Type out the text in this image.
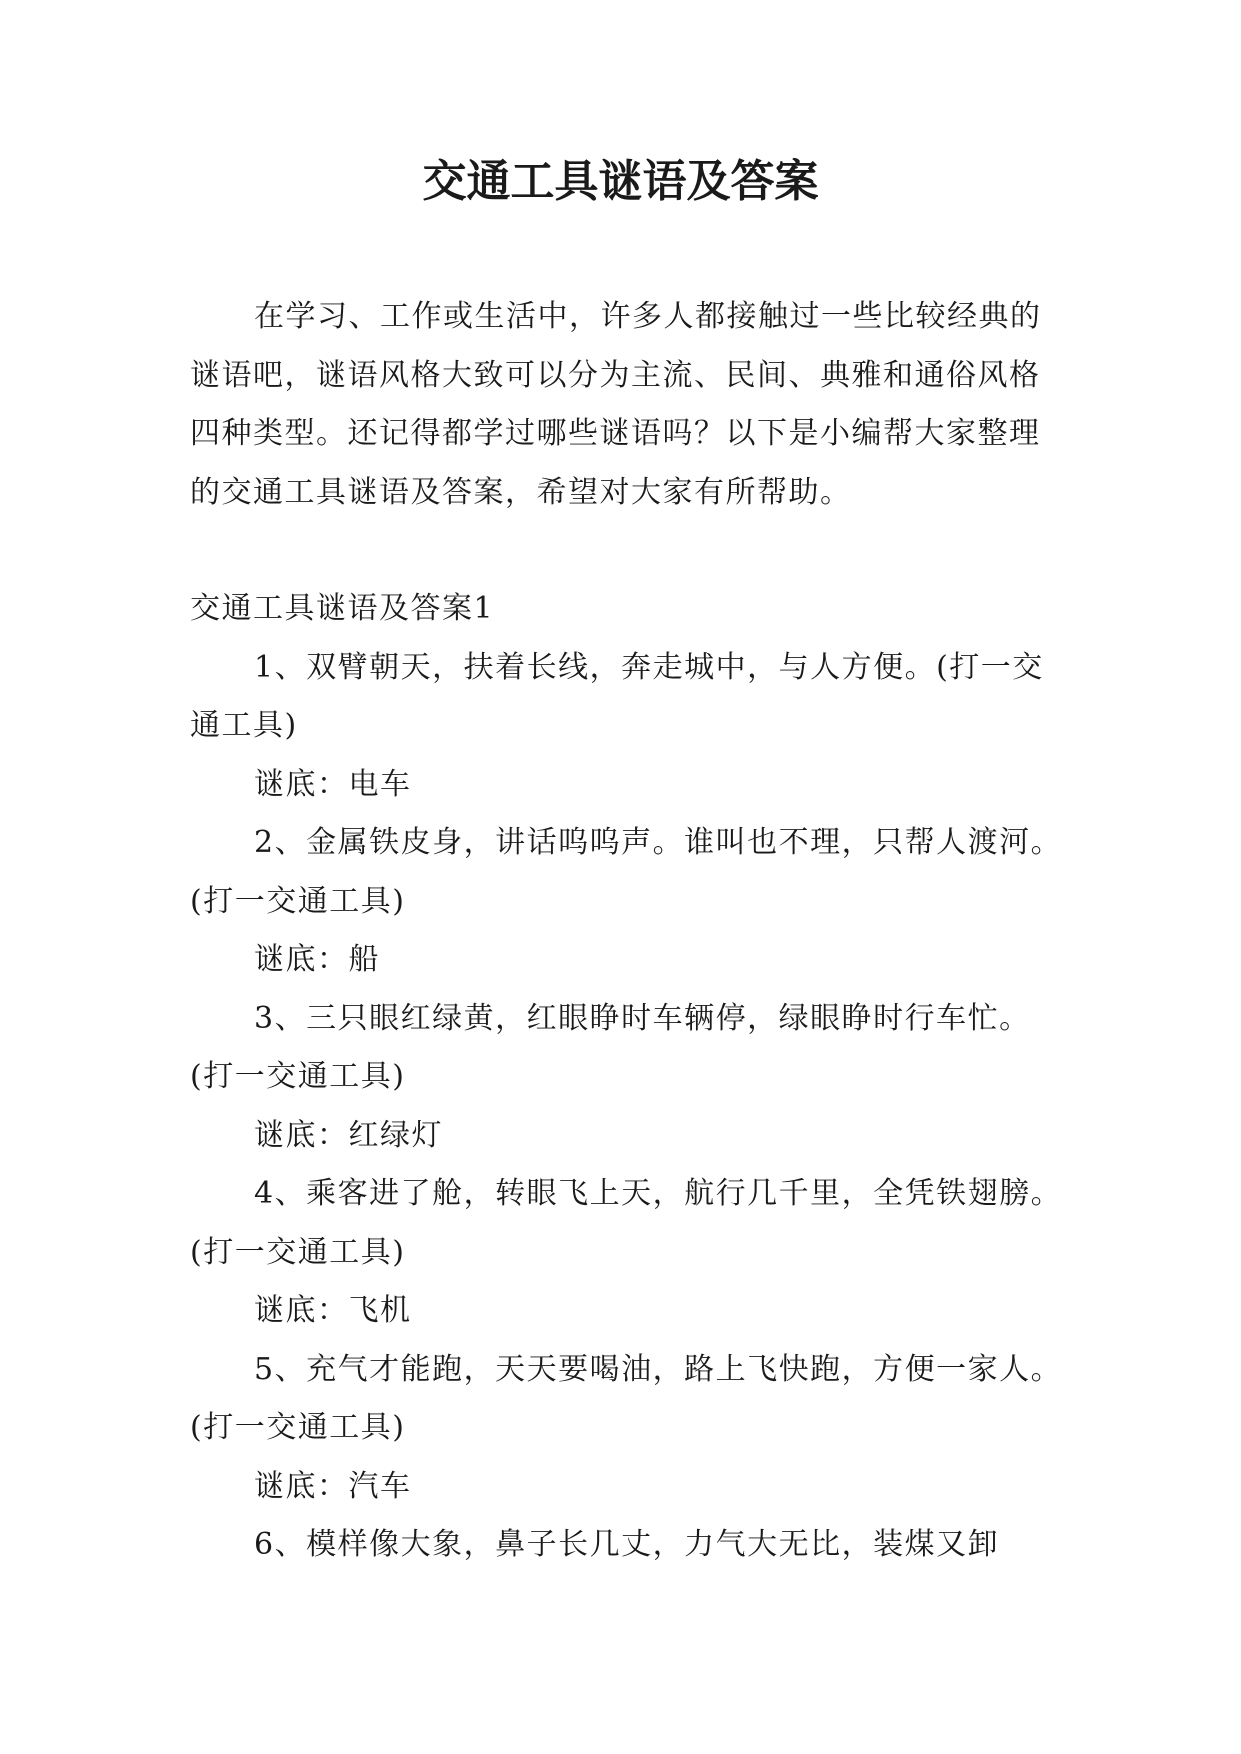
交通工具谜语及答案

在学习、工作或生活中，许多人都接触过一些比较经典的谜语吧，谜语风格大致可以分为主流、民间、典雅和通俗风格四种类型。还记得都学过哪些谜语吗？以下是小编帮大家整理的交通工具谜语及答案，希望对大家有所帮助。

交通工具谜语及答案1

1、双臂朝天，扶着长线，奔走城中，与人方便。(打一交通工具)

谜底：电车

2、金属铁皮身，讲话呜呜声。谁叫也不理，只帮人渡河。(打一交通工具)

谜底：船

3、三只眼红绿黄，红眼睁时车辆停，绿眼睁时行车忙。(打一交通工具)

谜底：红绿灯

4、乘客进了舱，转眼飞上天，航行几千里，全凭铁翅膀。(打一交通工具)

谜底：飞机

5、充气才能跑，天天要喝油，路上飞快跑，方便一家人。(打一交通工具)

谜底：汽车

6、模样像大象，鼻子长几丈，力气大无比，装煤又卸
